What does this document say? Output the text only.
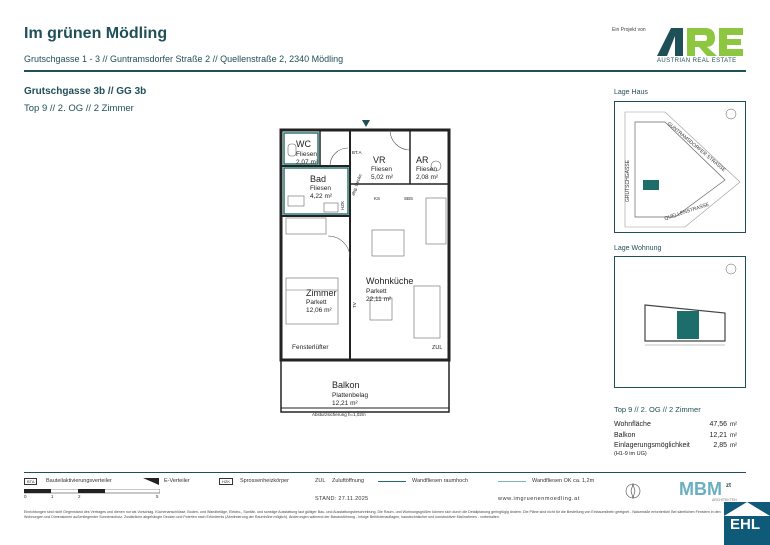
Im grünen Mödling
Grutschgasse 1 - 3 // Guntramsdorfer Straße 2 // Quellenstraße 2, 2340 Mödling
Ein Projekt von
AUSTRIAN REAL ESTATE
Grutschgasse 3b // GG 3b
Top 9 // 2. OG // 2 Zimmer
WC
Fliesen
2,07 m²	VR
Fliesen
5,02 m²
AR
Fliesen
2,08 m²
Bad
Fliesen
4,22 m²
Zimmer
Parkett
12,06 m²
Wohnküche
Parkett
22,11 m²
Balkon
Plattenbelag
12,21 m²
BT.A
abg. Decke
KS	SBS
HZK
TV
Fensterlüfter	ZUL
Absturzsicherung h=1,02m
Lage Haus
GUNTRAMSDORFER STRASSE
GRUTSCHGASSE
QUELLENSTRASSE
Lage Wohnung
Top 9 // 2. OG // 2 Zimmer
Wohnfläche	47,56 m²
Balkon	12,21 m²
Einlagerungsmöglichkeit	2,85 m²
(H1-9 im UG)
BTA	Bauteilaktivierungsverteiler	E-Verteiler	HZK	Sprossenheizkörper	ZUL Zuluftöffnung	Wandfliesen raumhoch	Wandfliesen OK ca. 1,2m
0	1	2	5	STAND: 27.11.2025	www.imgruenenmoedling.at	MBM zt
ARCHITEKTEN
Einrichtungen sind nicht Gegenstand des Vertrages und dienen nur als Vorschlag. Küchenanschlüsse, Boden- und Wandbeläge, Elektro-, Sanitär- und sonstige Ausstattung laut gültiger Bau- und Ausstattungsbeschreibung. Die Raum- und Wohnungsgrößen können sich durch die Detailplanung geringfügig ändern. Die Pläne sind nicht für die Bestellung von Einbaumöbeln geeignet - Naturmaße erforderlich! Bei sämtlichen Fenstern in den Wohnungen und Dimensionen außenliegender Sonnenschutz. Zusätzliche abgehängte Decken und Poterien nach Erfordernis (Abminderung der Raumhöhe möglich). Änderungen während der Bauausführung - infolge Behördenauflagen, haustechnischer und konstruktiver Maßnahmen - vorbehalten.	EHL
